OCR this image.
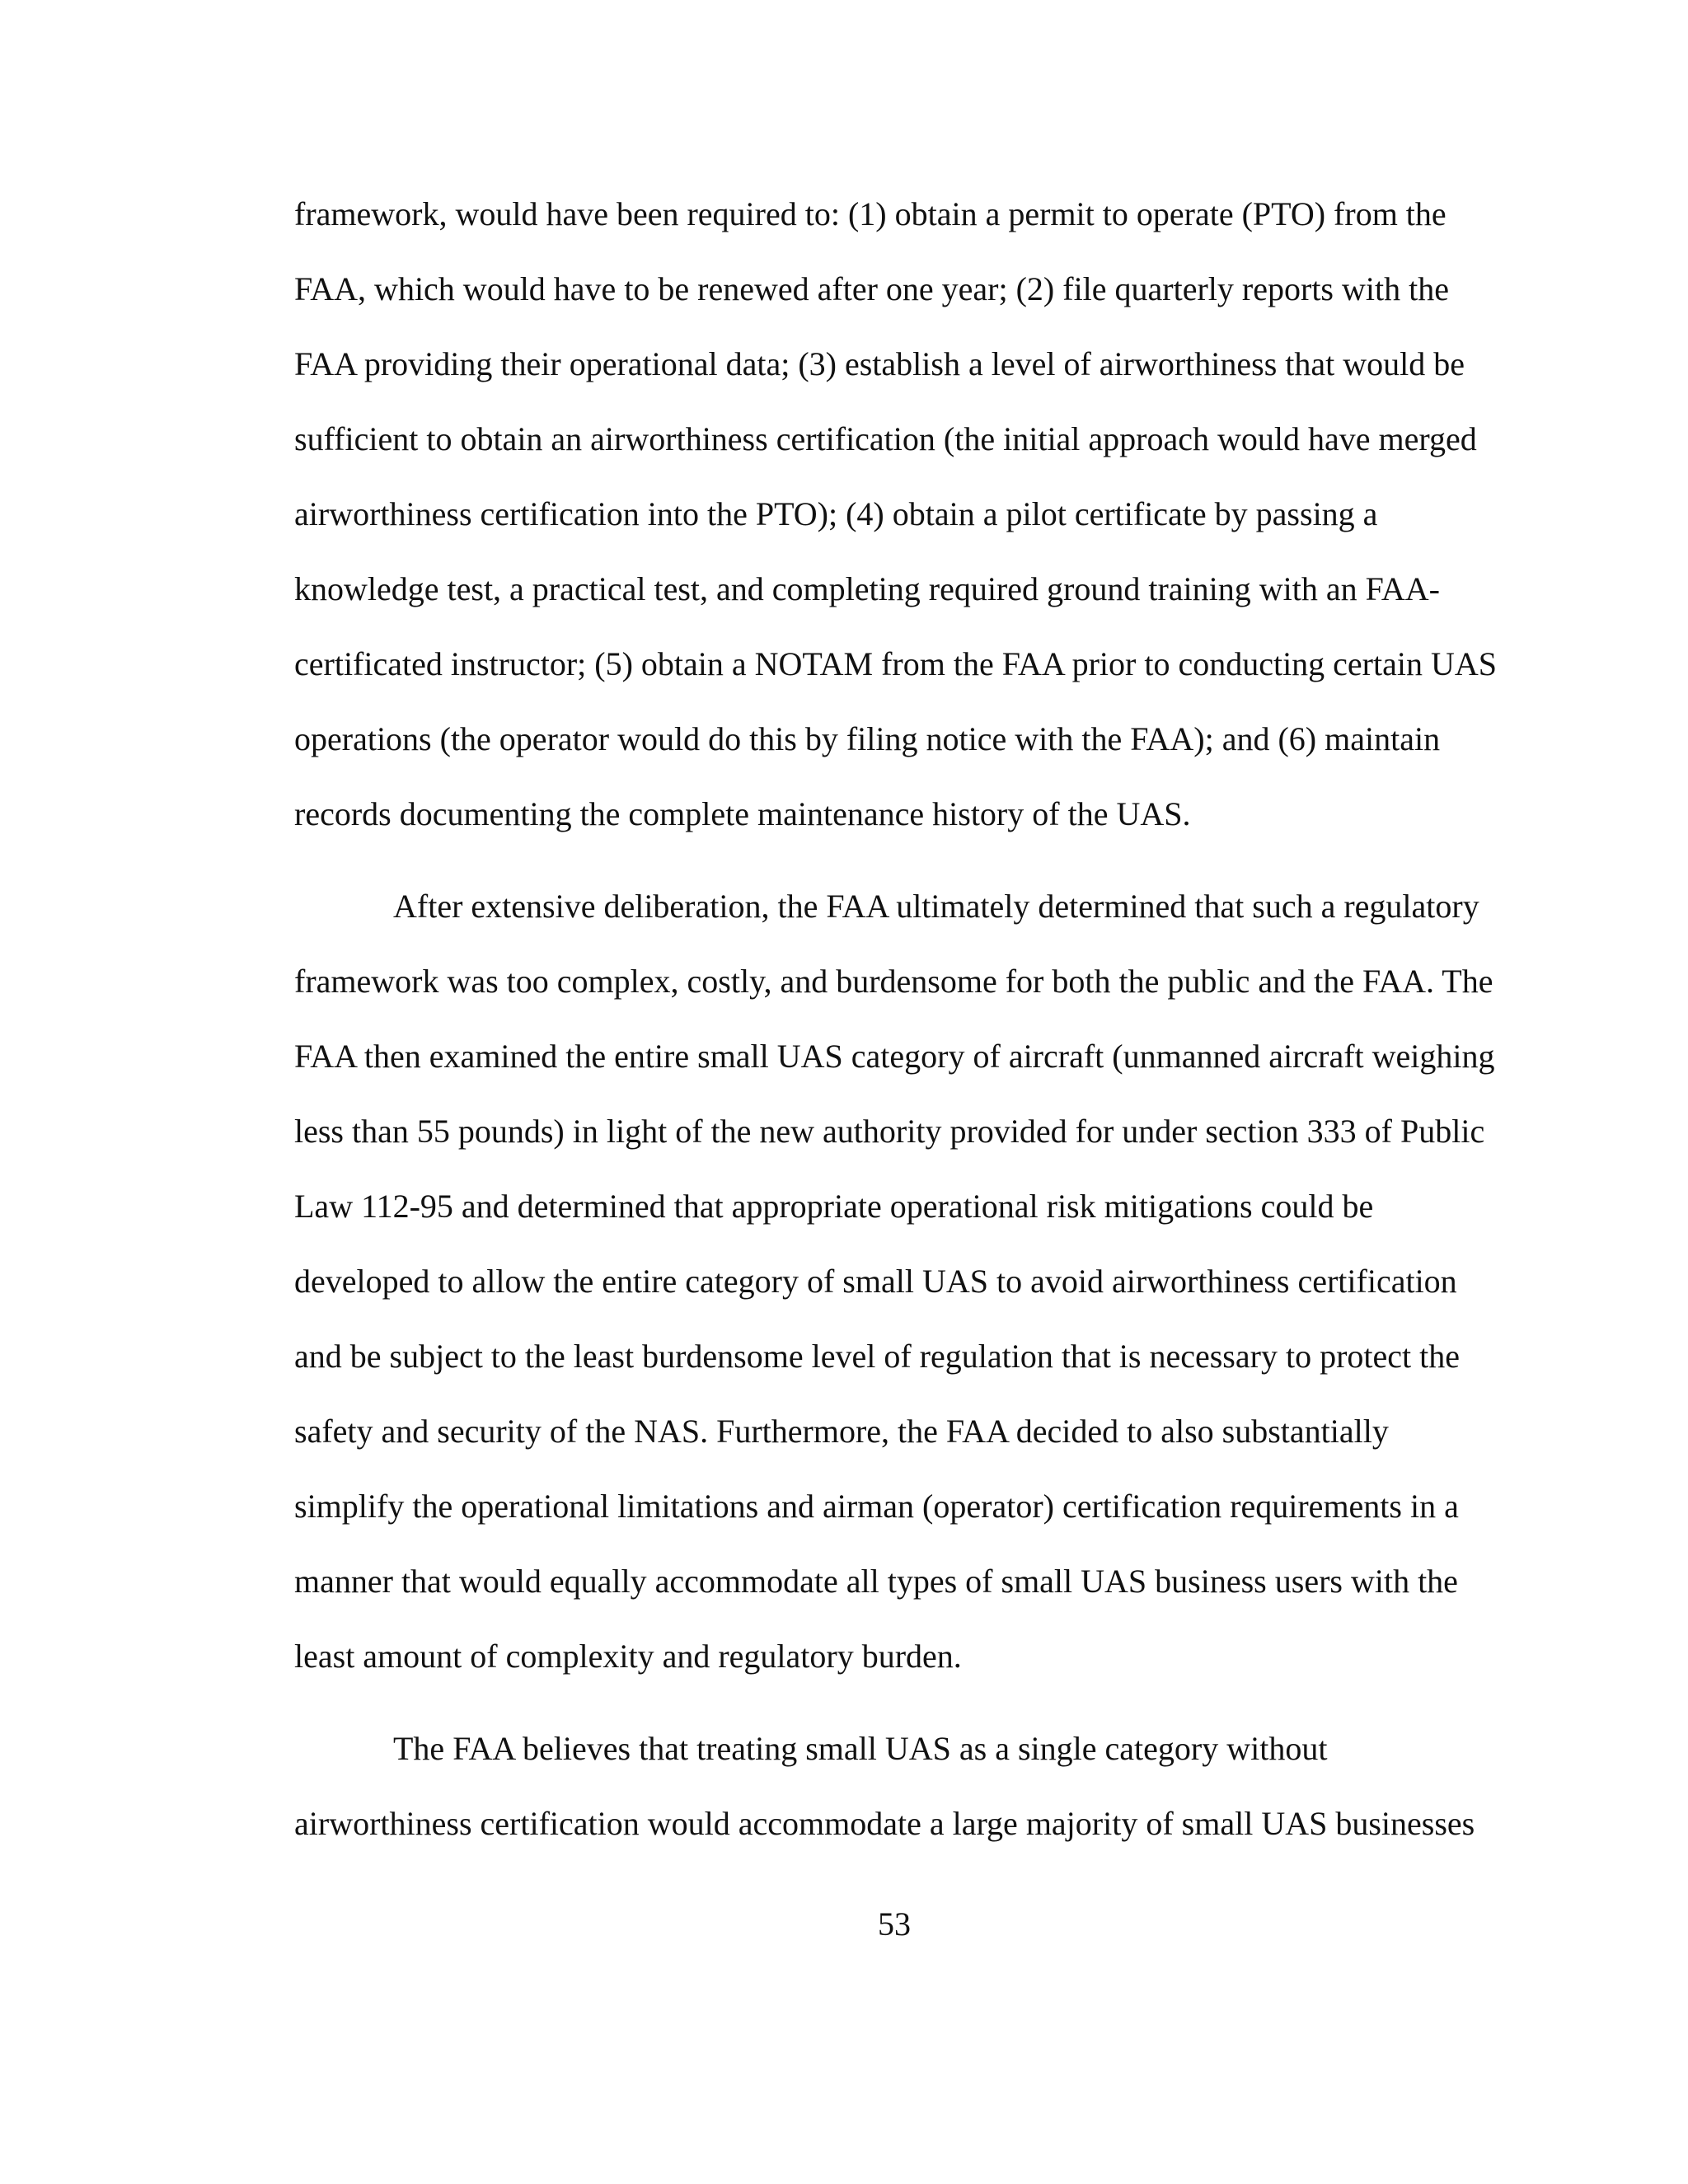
framework, would have been required to: (1) obtain a permit to operate (PTO) from the

FAA, which would have to be renewed after one year; (2) file quarterly reports with the

FAA providing their operational data; (3) establish a level of airworthiness that would be

sufficient to obtain an airworthiness certification (the initial approach would have merged

airworthiness certification into the PTO); (4) obtain a pilot certificate by passing a

knowledge test, a practical test, and completing required ground training with an FAA-

certificated instructor; (5) obtain a NOTAM from the FAA prior to conducting certain UAS

operations (the operator would do this by filing notice with the FAA); and (6) maintain

records documenting the complete maintenance history of the UAS.

After extensive deliberation, the FAA ultimately determined that such a regulatory

framework was too complex, costly, and burdensome for both the public and the FAA. The

FAA then examined the entire small UAS category of aircraft (unmanned aircraft weighing

less than 55 pounds) in light of the new authority provided for under section 333 of Public

Law 112-95 and determined that appropriate operational risk mitigations could be

developed to allow the entire category of small UAS to avoid airworthiness certification

and be subject to the least burdensome level of regulation that is necessary to protect the

safety and security of the NAS. Furthermore, the FAA decided to also substantially

simplify the operational limitations and airman (operator) certification requirements in a

manner that would equally accommodate all types of small UAS business users with the

least amount of complexity and regulatory burden.

The FAA believes that treating small UAS as a single category without

airworthiness certification would accommodate a large majority of small UAS businesses

53
